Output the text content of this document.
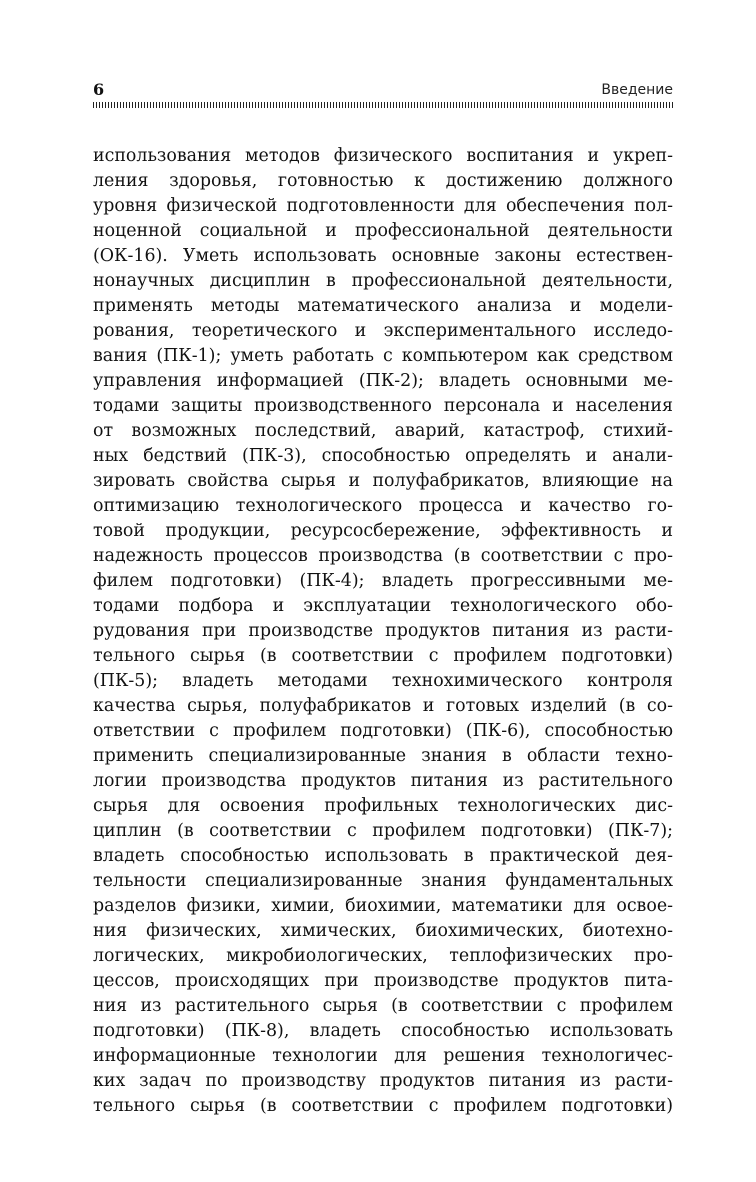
6	Введение
использования методов физического воспитания и укреп-
ления здоровья, готовностью к достижению должного
уровня физической подготовленности для обеспечения пол-
ноценной социальной и профессиональной деятельности
(ОК-16). Уметь использовать основные законы естествен-
нонаучных дисциплин в профессиональной деятельности,
применять методы математического анализа и модели-
рования, теоретического и экспериментального исследо-
вания (ПК-1); уметь работать с компьютером как средством
управления информацией (ПК-2); владеть основными ме-
тодами защиты производственного персонала и населения
от возможных последствий, аварий, катастроф, стихий-
ных бедствий (ПК-3), способностью определять и анали-
зировать свойства сырья и полуфабрикатов, влияющие на
оптимизацию технологического процесса и качество го-
товой продукции, ресурсосбережение, эффективность и
надежность процессов производства (в соответствии с про-
филем подготовки) (ПК-4); владеть прогрессивными ме-
тодами подбора и эксплуатации технологического обо-
рудования при производстве продуктов питания из расти-
тельного сырья (в соответствии с профилем подготовки)
(ПК-5); владеть методами технохимического контроля
качества сырья, полуфабрикатов и готовых изделий (в со-
ответствии с профилем подготовки) (ПК-6), способностью
применить специализированные знания в области техно-
логии производства продуктов питания из растительного
сырья для освоения профильных технологических дис-
циплин (в соответствии с профилем подготовки) (ПК-7);
владеть способностью использовать в практической дея-
тельности специализированные знания фундаментальных
разделов физики, химии, биохимии, математики для освое-
ния физических, химических, биохимических, биотехно-
логических, микробиологических, теплофизических про-
цессов, происходящих при производстве продуктов пита-
ния из растительного сырья (в соответствии с профилем
подготовки) (ПК-8), владеть способностью использовать
информационные технологии для решения технологичес-
ких задач по производству продуктов питания из расти-
тельного сырья (в соответствии с профилем подготовки)
